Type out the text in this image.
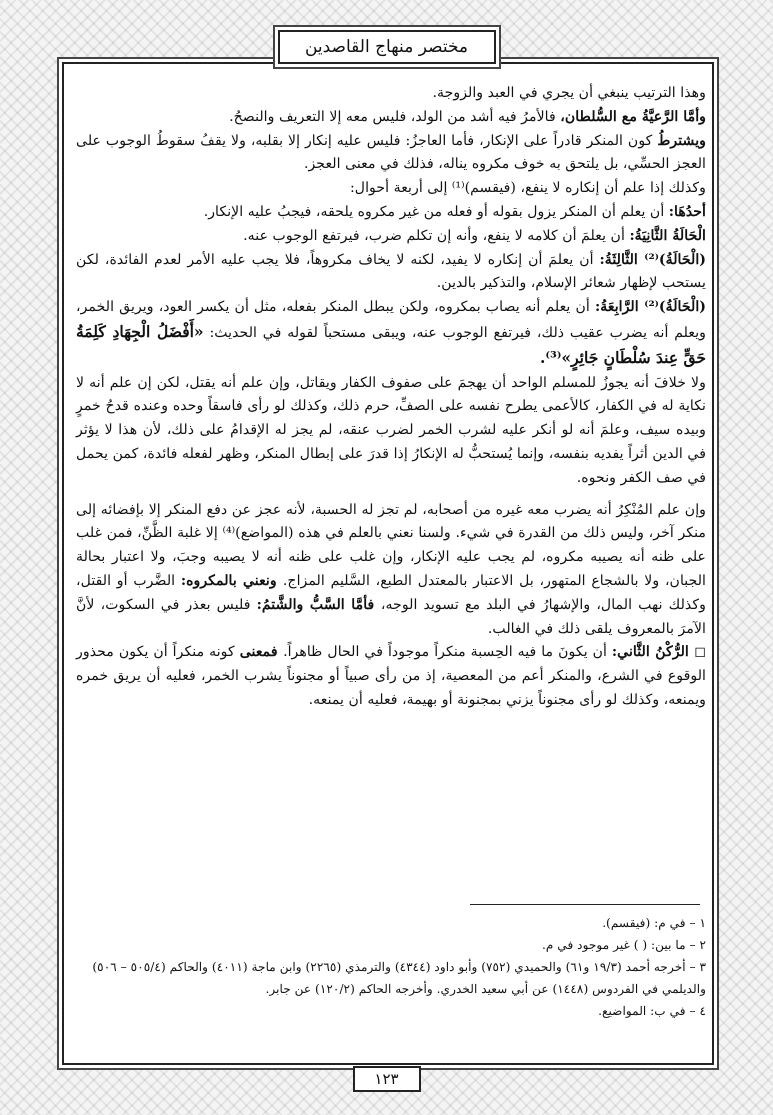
مختصر منهاج القاصدين

وهذا الترتيب ينبغي أن يجري في العبد والزوجة.

وأمَّا الرَّعيَّةُ مع السُّلطان، فالأمرُ فيه أشد من الولد، فليس معه إلا التعريف والنصحُ.

ويشترطُ كون المنكر قادراً على الإنكار، فأما العاجزُ: فليس عليه إنكار إلا بقلبه، ولا يقفُ سقوطُ الوجوب على العجز الحسِّي، بل يلتحق به خوف مكروه يناله، فذلك في معنى العجز.

وكذلك إذا علم أن إنكاره لا ينفع، (فيقسم)⁽¹⁾ إلى أربعة أحوال:

أحدُهَا: أن يعلم أن المنكر يزول بقوله أو فعله من غير مكروه يلحقه، فيجبُ عليه الإنكار.

الْحَالَةُ الثَّانِيَةُ: أن يعلمَ أن كلامه لا ينفع، وأنه إن تكلم ضرب، فيرتفع الوجوب عنه.

(الْحَالَةُ)⁽²⁾ الثَّالِثَةُ: أن يعلمَ أن إنكاره لا يفيد، لكنه لا يخاف مكروهاً، فلا يجب عليه الأمر لعدم الفائدة، لكن يستحب لإظهار شعائر الإسلام، والتذكير بالدين.

(الْحَالَةُ)⁽²⁾ الرَّابِعَةُ: أن يعلم أنه يصاب بمكروه، ولكن يبطل المنكر بفعله، مثل أن يكسر العود، ويريق الخمر، ويعلم أنه يضرب عقيب ذلك، فيرتفع الوجوب عنه، ويبقى مستحباً لقوله في الحديث: «أَفْضَلُ الْجِهَادِ كَلِمَةُ حَقٍّ عِندَ سُلْطَانٍ جَائِرٍ»⁽³⁾.

ولا خلافَ أنه يجوزُ للمسلم الواحد أن يهجمَ على صفوف الكفار ويقاتل، وإن علم أنه يقتل، لكن إن علم أنه لا نكاية له في الكفار، كالأعمى يطرح نفسه على الصفِّ، حرم ذلك، وكذلك لو رأى فاسقاً وحده وعنده قدحُ خمرٍ وبيده سيف، وعلمَ أنه لو أنكر عليه لشرب الخمر لضرب عنقه، لم يجز له الإقدامُ على ذلك، لأن هذا لا يؤثر في الدين أثراً يفديه بنفسه، وإنما يُستحبُّ له الإنكارُ إذا قدرَ على إبطال المنكر، وظهر لفعله فائدة، كمن يحمل في صف الكفر ونحوه.

وإن علم المُنْكِرُ أنه يضرب معه غيره من أصحابه، لم تجز له الحسبة، لأنه عجز عن دفع المنكر إلا بإفضائه إلى منكر آخر، وليس ذلك من القدرة في شيء. ولسنا نعني بالعلم في هذه (المواضع)⁽⁴⁾ إلا غلبة الظَّنِّ، فمن غلب على ظنه أنه يصيبه مكروه، لم يجب عليه الإنكار، وإن غلب على ظنه أنه لا يصيبه وجبَ، ولا اعتبار بحالة الجبان، ولا بالشجاع المتهور، بل الاعتبار بالمعتدل الطبع، السَّليم المزاج. ونعني بالمكروه: الضَّرب أو القتل، وكذلك نهب المال، والإشهارُ في البلد مع تسويد الوجه، فأمَّا السَّبُّ والشَّتمُ: فليس بعذر في السكوت، لأنَّ الآمرَ بالمعروف يلقى ذلك في الغالب.

◻ الرُّكْنُ الثَّاني: أن يكونَ ما فيه الحِسبة منكراً موجوداً في الحال ظاهراً. فمعنى كونه منكراً أن يكون محذور الوقوع في الشرع، والمنكر أعم من المعصية، إذ من رأى صبياً أو مجنوناً يشرب الخمر، فعليه أن يريق خمره ويمنعه، وكذلك لو رأى مجنوناً يزني بمجنونة أو بهيمة، فعليه أن يمنعه.

١ – في م: (فيقسم).

٢ – ما بين: ( ) غير موجود في م.

٣ – أخرجه أحمد (١٩/٣ و٦١) والحميدي (٧٥٢) وأبو داود (٤٣٤٤) والترمذي (٢٢٦٥) وابن ماجة (٤٠١١) والحاكم (٥٠٥/٤ – ٥٠٦) والديلمي في الفردوس (١٤٤٨) عن أبي سعيد الخدري. وأخرجه الحاكم (١٢٠/٢) عن جابر.

٤ – في ب: المواضيع.

١٢٣
